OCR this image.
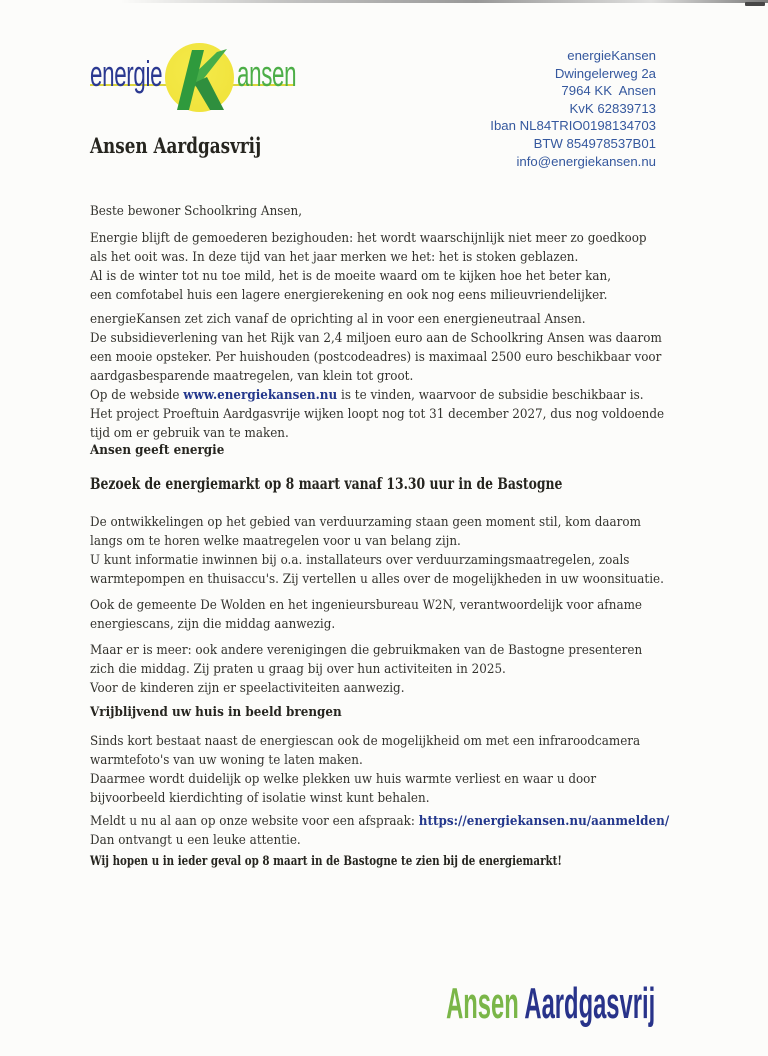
energie ansen
Ansen Aardgasvrij
energieKansen
Dwingelerweg 2a
7964 KK  Ansen
KvK 62839713
Iban NL84TRIO0198134703
BTW 854978537B01
info@energiekansen.nu
Beste bewoner Schoolkring Ansen,
Energie blijft de gemoederen bezighouden: het wordt waarschijnlijk niet meer zo goedkoop
als het ooit was. In deze tijd van het jaar merken we het: het is stoken geblazen.
Al is de winter tot nu toe mild, het is de moeite waard om te kijken hoe het beter kan,
een comfotabel huis een lagere energierekening en ook nog eens milieuvriendelijker.
energieKansen zet zich vanaf de oprichting al in voor een energieneutraal Ansen.
De subsidieverlening van het Rijk van 2,4 miljoen euro aan de Schoolkring Ansen was daarom
een mooie opsteker. Per huishouden (postcodeadres) is maximaal 2500 euro beschikbaar voor
aardgasbesparende maatregelen, van klein tot groot.
Op de webside www.energiekansen.nu is te vinden, waarvoor de subsidie beschikbaar is.
Het project Proeftuin Aardgasvrije wijken loopt nog tot 31 december 2027, dus nog voldoende
tijd om er gebruik van te maken.
Ansen geeft energie
Bezoek de energiemarkt op 8 maart vanaf 13.30 uur in de Bastogne
De ontwikkelingen op het gebied van verduurzaming staan geen moment stil, kom daarom
langs om te horen welke maatregelen voor u van belang zijn.
U kunt informatie inwinnen bij o.a. installateurs over verduurzamingsmaatregelen, zoals
warmtepompen en thuisaccu's. Zij vertellen u alles over de mogelijkheden in uw woonsituatie.
Ook de gemeente De Wolden en het ingenieursbureau W2N, verantwoordelijk voor afname
energiescans, zijn die middag aanwezig.
Maar er is meer: ook andere verenigingen die gebruikmaken van de Bastogne presenteren
zich die middag. Zij praten u graag bij over hun activiteiten in 2025.
Voor de kinderen zijn er speelactiviteiten aanwezig.
Vrijblijvend uw huis in beeld brengen
Sinds kort bestaat naast de energiescan ook de mogelijkheid om met een infraroodcamera
warmtefoto's van uw woning te laten maken.
Daarmee wordt duidelijk op welke plekken uw huis warmte verliest en waar u door
bijvoorbeeld kierdichting of isolatie winst kunt behalen.
Meldt u nu al aan op onze website voor een afspraak: https://energiekansen.nu/aanmelden/
Dan ontvangt u een leuke attentie.
Wij hopen u in ieder geval op 8 maart in de Bastogne te zien bij de energiemarkt!

Ansen Aardgasvrij
